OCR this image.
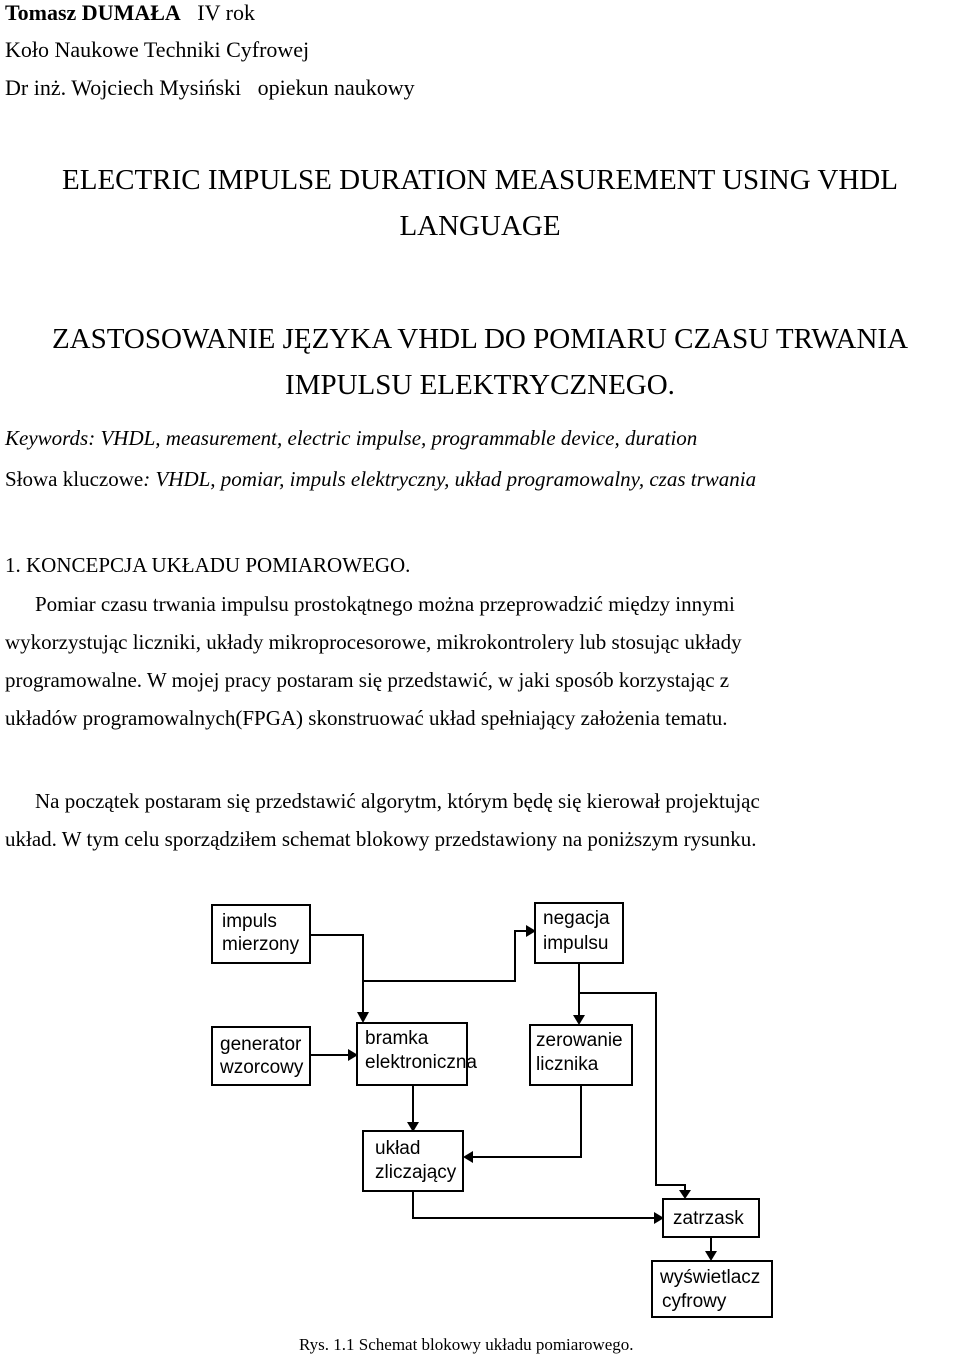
Tomasz DUMAŁA IV rok
Koło Naukowe Techniki Cyfrowej
Dr inż. Wojciech Mysiński   opiekun naukowy
ELECTRIC IMPULSE DURATION MEASUREMENT USING VHDL
LANGUAGE
ZASTOSOWANIE JĘZYKA VHDL DO POMIARU CZASU TRWANIA
IMPULSU ELEKTRYCZNEGO.
Keywords: VHDL, measurement, electric impulse, programmable device, duration
Słowa kluczowe: VHDL, pomiar, impuls elektryczny, układ programowalny, czas trwania
1. KONCEPCJA UKŁADU POMIAROWEGO.
Pomiar czasu trwania impulsu prostokątnego można przeprowadzić między innymi
wykorzystując liczniki, układy mikroprocesorowe, mikrokontrolery lub stosując układy
programowalne. W mojej pracy postaram się przedstawić, w jaki sposób korzystając z
układów programowalnych(FPGA) skonstruować układ spełniający założenia tematu.
Na początek postaram się przedstawić algorytm, którym będę się kierował projektując
układ. W tym celu sporządziłem schemat blokowy przedstawiony na poniższym rysunku.
impuls
mierzony
negacja
impulsu
generator
wzorcowy
bramka
elektroniczna
zerowanie
licznika
układ
zliczający
zatrzask
wyświetlacz
cyfrowy
Rys. 1.1 Schemat blokowy układu pomiarowego.
